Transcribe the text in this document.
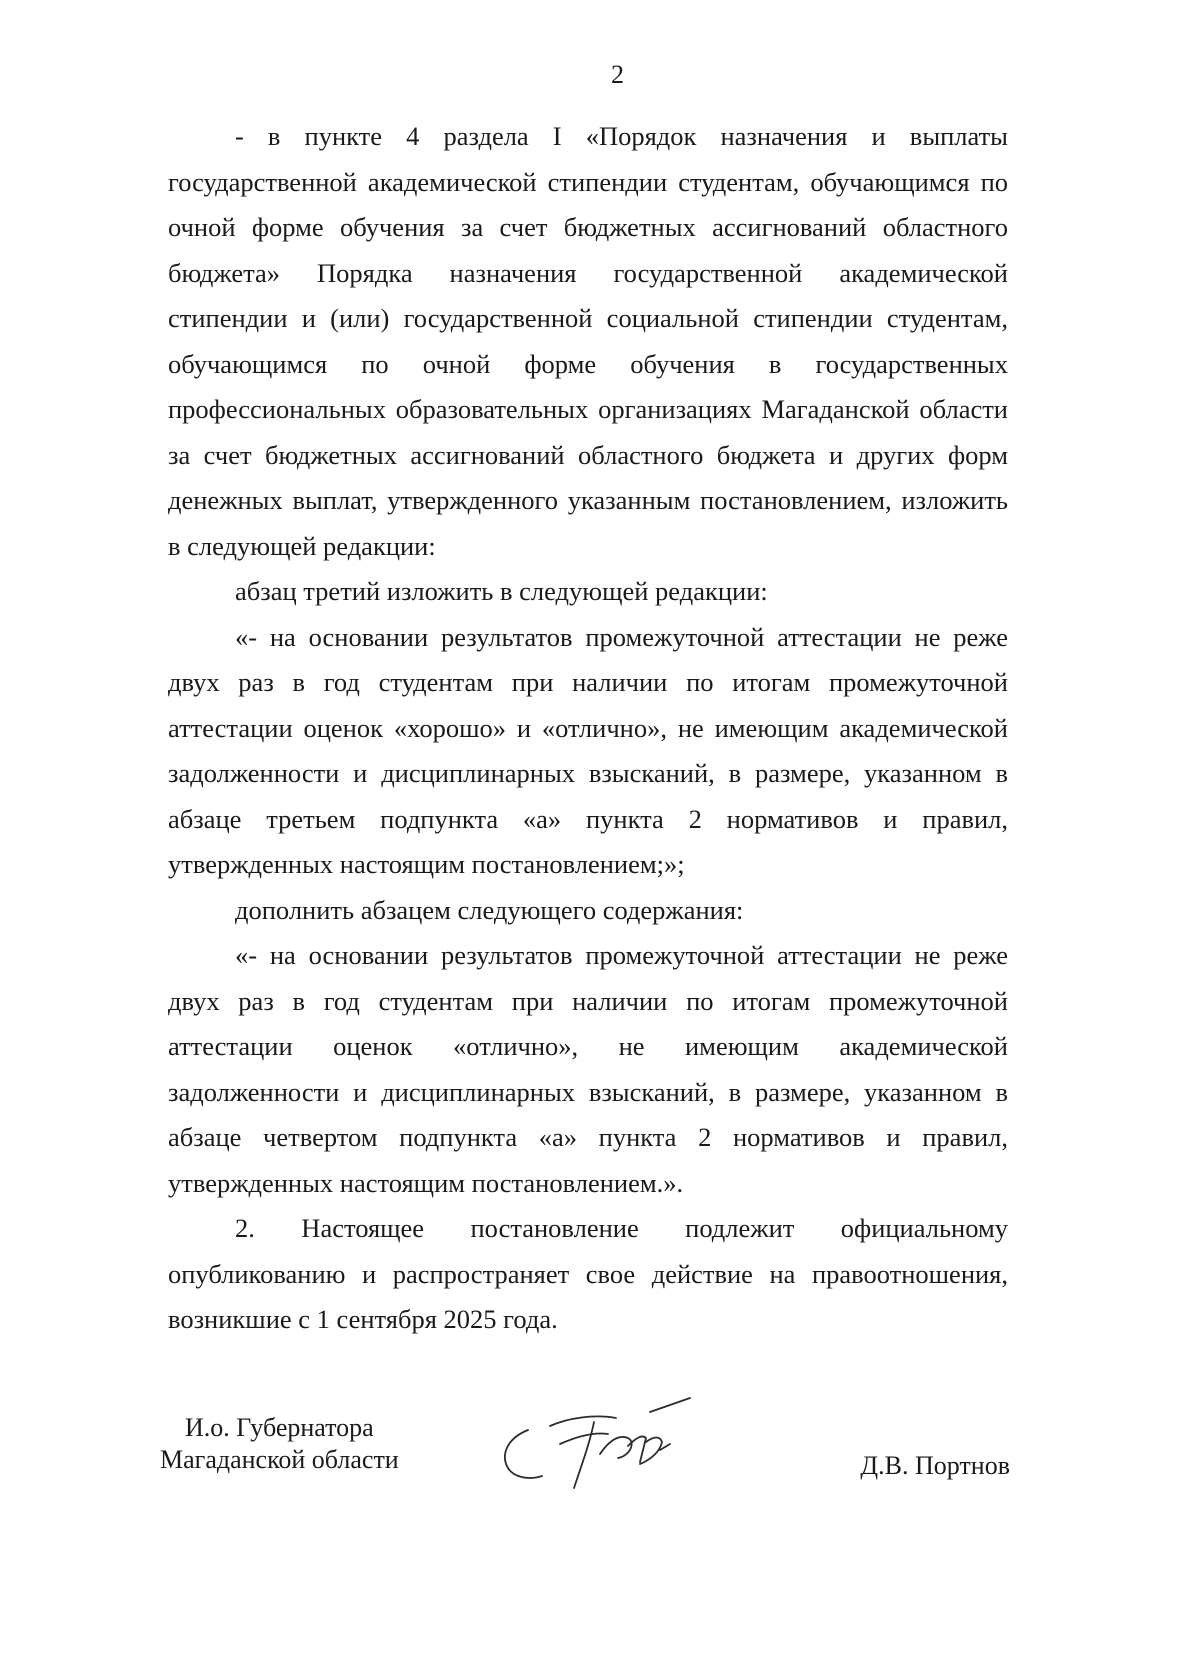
2

- в пункте 4 раздела I «Порядок назначения и выплаты государственной академической стипендии студентам, обучающимся по очной форме обучения за счет бюджетных ассигнований областного бюджета» Порядка назначения государственной академической стипендии и (или) государственной социальной стипендии студентам, обучающимся по очной форме обучения в государственных профессиональных образовательных организациях Магаданской области за счет бюджетных ассигнований областного бюджета и других форм денежных выплат, утвержденного указанным постановлением, изложить в следующей редакции:

абзац третий изложить в следующей редакции:

«- на основании результатов промежуточной аттестации не реже двух раз в год студентам при наличии по итогам промежуточной аттестации оценок «хорошо» и «отлично», не имеющим академической задолженности и дисциплинарных взысканий, в размере, указанном в абзаце третьем подпункта «а» пункта 2 нормативов и правил, утвержденных настоящим постановлением;»;

дополнить абзацем следующего содержания:

«- на основании результатов промежуточной аттестации не реже двух раз в год студентам при наличии по итогам промежуточной аттестации оценок «отлично», не имеющим академической задолженности и дисциплинарных взысканий, в размере, указанном в абзаце четвертом подпункта «а» пункта 2 нормативов и правил, утвержденных настоящим постановлением.».

2. Настоящее постановление подлежит официальному опубликованию и распространяет свое действие на правоотношения, возникшие с 1 сентября 2025 года.

И.о. Губернатора
Магаданской области	Д.В. Портнов
